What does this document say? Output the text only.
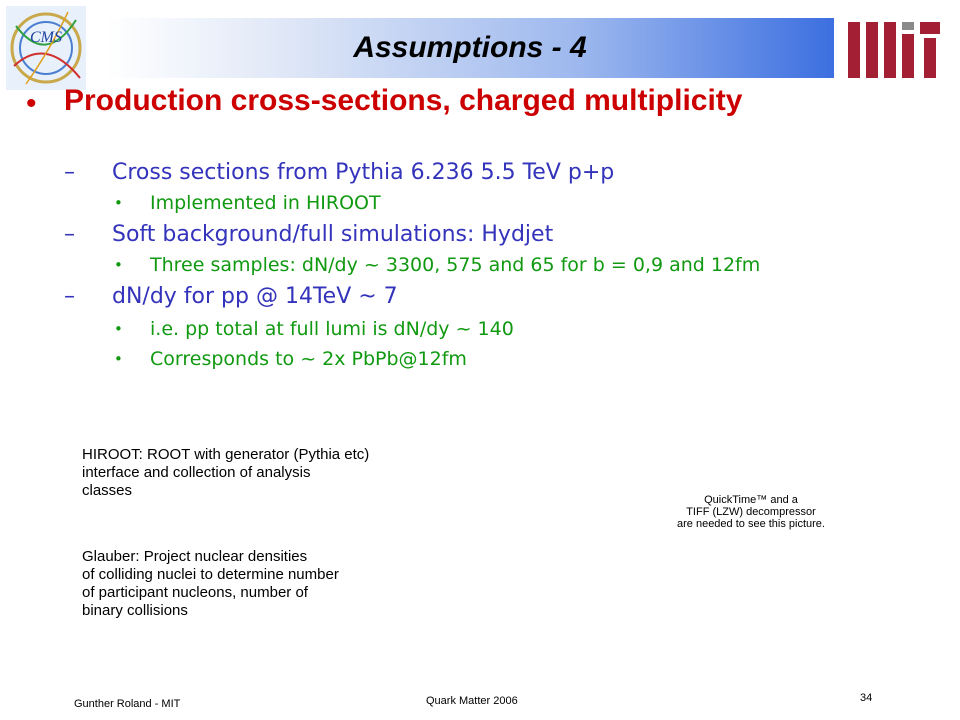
CMS	Assumptions - 4
• Production cross-sections, charged multiplicity
– Cross sections from Pythia 6.236 5.5 TeV p+p
• Implemented in HIROOT
– Soft background/full simulations: Hydjet
• Three samples: dN/dy ~ 3300, 575 and 65 for b = 0,9 and 12fm
– dN/dy for pp @ 14TeV ~ 7
• i.e. pp total at full lumi is dN/dy ~ 140
• Corresponds to ~ 2x PbPb@12fm
HIROOT: ROOT with generator (Pythia etc)
interface and collection of analysis
classes
Glauber: Project nuclear densities
of colliding nuclei to determine number
of participant nucleons, number of
binary collisions
QuickTime™ and a
TIFF (LZW) decompressor
are needed to see this picture.
Gunther Roland - MIT	Quark Matter 2006	34
